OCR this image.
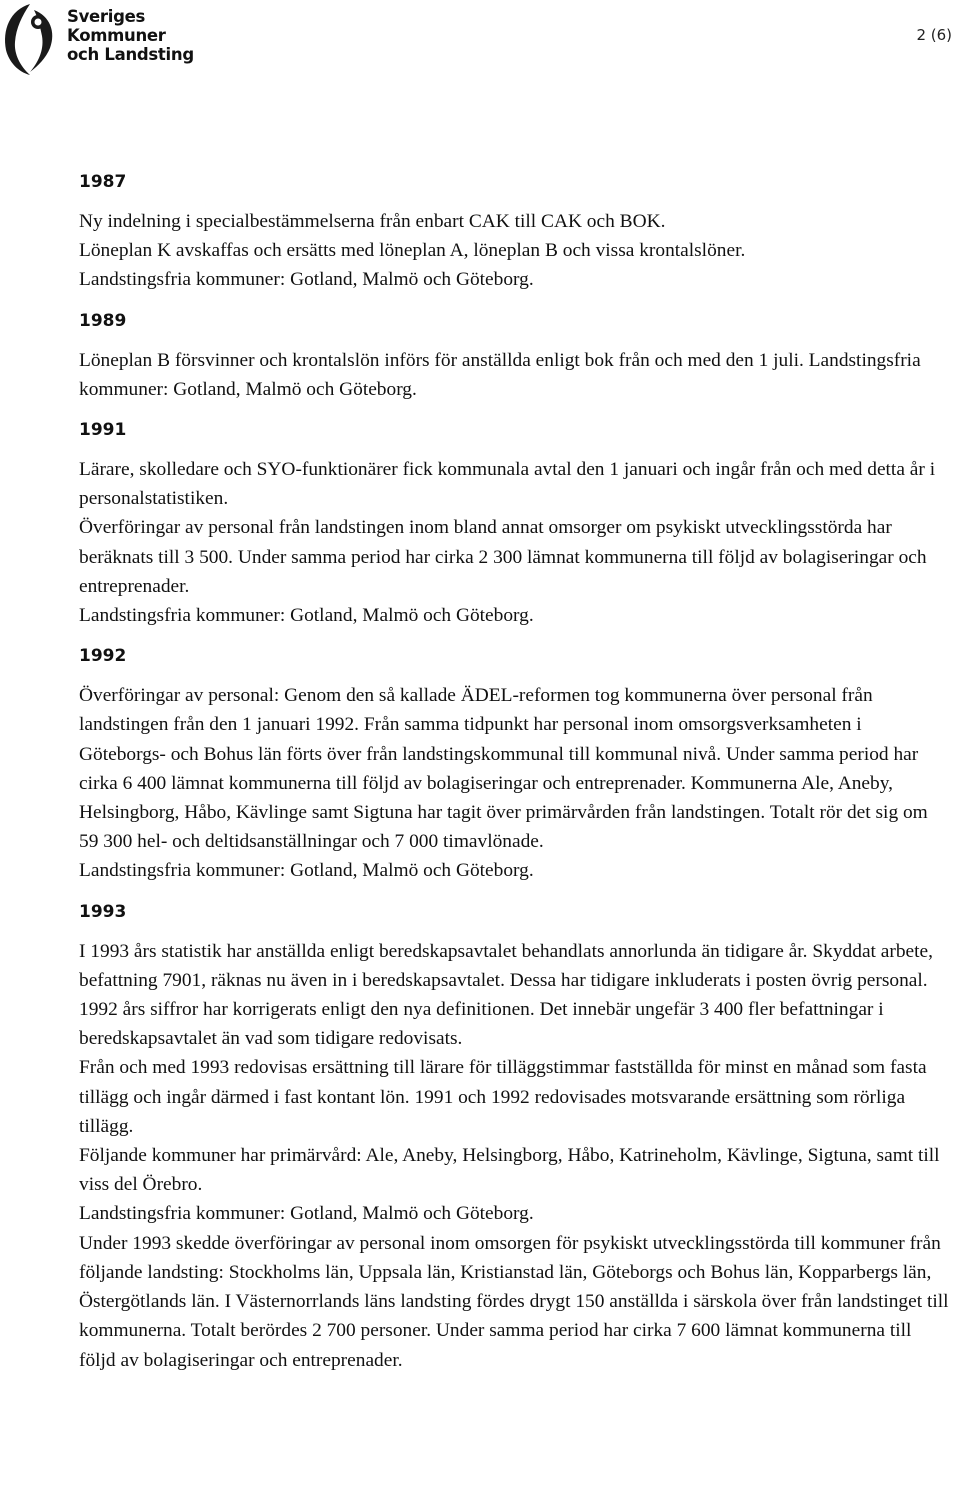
Sveriges
Kommuner
och Landsting
2 (6)
1987

Ny indelning i specialbestämmelserna från enbart CAK till CAK och BOK.

Löneplan K avskaffas och ersätts med löneplan A, löneplan B och vissa krontalslöner.

Landstingsfria kommuner: Gotland, Malmö och Göteborg.

1989

Löneplan B försvinner och krontalslön införs för anställda enligt bok från och med den 1 juli. Landstingsfria kommuner: Gotland, Malmö och Göteborg.

1991

Lärare, skolledare och SYO-funktionärer fick kommunala avtal den 1 januari och ingår från och med detta år i personalstatistiken.

Överföringar av personal från landstingen inom bland annat omsorger om psykiskt utvecklingsstörda har beräknats till 3 500. Under samma period har cirka 2 300 lämnat kommunerna till följd av bolagiseringar och entreprenader.

Landstingsfria kommuner: Gotland, Malmö och Göteborg.

1992

Överföringar av personal: Genom den så kallade ÄDEL-reformen tog kommunerna över personal från landstingen från den 1 januari 1992. Från samma tidpunkt har personal inom omsorgsverksamheten i Göteborgs- och Bohus län förts över från landstingskommunal till kommunal nivå. Under samma period har cirka 6 400 lämnat kommunerna till följd av bolagiseringar och entreprenader. Kommunerna Ale, Aneby, Helsingborg, Håbo, Kävlinge samt Sigtuna har tagit över primärvården från landstingen. Totalt rör det sig om 59 300 hel- och deltidsanställningar och 7 000 timavlönade.

Landstingsfria kommuner: Gotland, Malmö och Göteborg.

1993

I 1993 års statistik har anställda enligt beredskapsavtalet behandlats annorlunda än tidigare år. Skyddat arbete, befattning 7901, räknas nu även in i beredskapsavtalet. Dessa har tidigare inkluderats i posten övrig personal. 1992 års siffror har korrigerats enligt den nya definitionen. Det innebär ungefär 3 400 fler befattningar i beredskapsavtalet än vad som tidigare redovisats.

Från och med 1993 redovisas ersättning till lärare för tilläggstimmar fastställda för minst en månad som fasta tillägg och ingår därmed i fast kontant lön. 1991 och 1992 redovisades motsvarande ersättning som rörliga tillägg.

Följande kommuner har primärvård: Ale, Aneby, Helsingborg, Håbo, Katrineholm, Kävlinge, Sigtuna, samt till viss del Örebro.

Landstingsfria kommuner: Gotland, Malmö och Göteborg.

Under 1993 skedde överföringar av personal inom omsorgen för psykiskt utvecklingsstörda till kommuner från följande landsting: Stockholms län, Uppsala län, Kristianstad län, Göteborgs och Bohus län, Kopparbergs län, Östergötlands län. I Västernorrlands läns landsting fördes drygt 150 anställda i särskola över från landstinget till kommunerna. Totalt berördes 2 700 personer. Under samma period har cirka 7 600 lämnat kommunerna till följd av bolagiseringar och entreprenader.
